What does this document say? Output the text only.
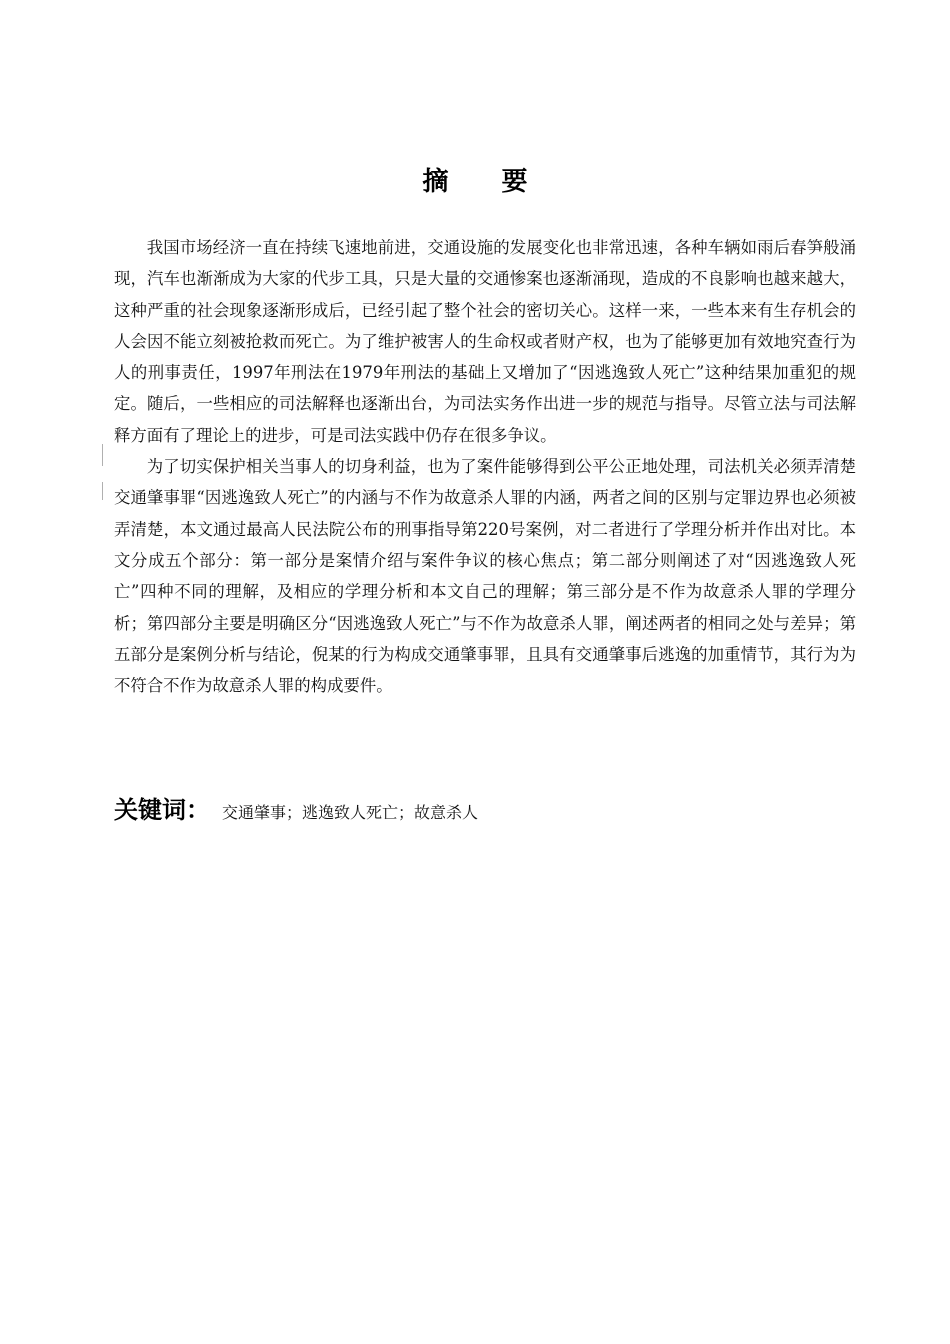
摘 要

我国市场经济一直在持续飞速地前进，交通设施的发展变化也非常迅速，各种车辆如雨后春笋般涌现，汽车也渐渐成为大家的代步工具，只是大量的交通惨案也逐渐涌现，造成的不良影响也越来越大，这种严重的社会现象逐渐形成后，已经引起了整个社会的密切关心。这样一来，一些本来有生存机会的人会因不能立刻被抢救而死亡。为了维护被害人的生命权或者财产权，也为了能够更加有效地究查行为人的刑事责任，1997年刑法在1979年刑法的基础上又增加了“因逃逸致人死亡”这种结果加重犯的规定。随后，一些相应的司法解释也逐渐出台，为司法实务作出进一步的规范与指导。尽管立法与司法解释方面有了理论上的进步，可是司法实践中仍存在很多争议。

为了切实保护相关当事人的切身利益，也为了案件能够得到公平公正地处理，司法机关必须弄清楚交通肇事罪“因逃逸致人死亡”的内涵与不作为故意杀人罪的内涵，两者之间的区别与定罪边界也必须被弄清楚，本文通过最高人民法院公布的刑事指导第220号案例，对二者进行了学理分析并作出对比。本文分成五个部分：第一部分是案情介绍与案件争议的核心焦点；第二部分则阐述了对“因逃逸致人死亡”四种不同的理解，及相应的学理分析和本文自己的理解；第三部分是不作为故意杀人罪的学理分析；第四部分主要是明确区分“因逃逸致人死亡”与不作为故意杀人罪，阐述两者的相同之处与差异；第五部分是案例分析与结论，倪某的行为构成交通肇事罪，且具有交通肇事后逃逸的加重情节，其行为为不符合不作为故意杀人罪的构成要件。

关键词： 交通肇事；逃逸致人死亡；故意杀人
